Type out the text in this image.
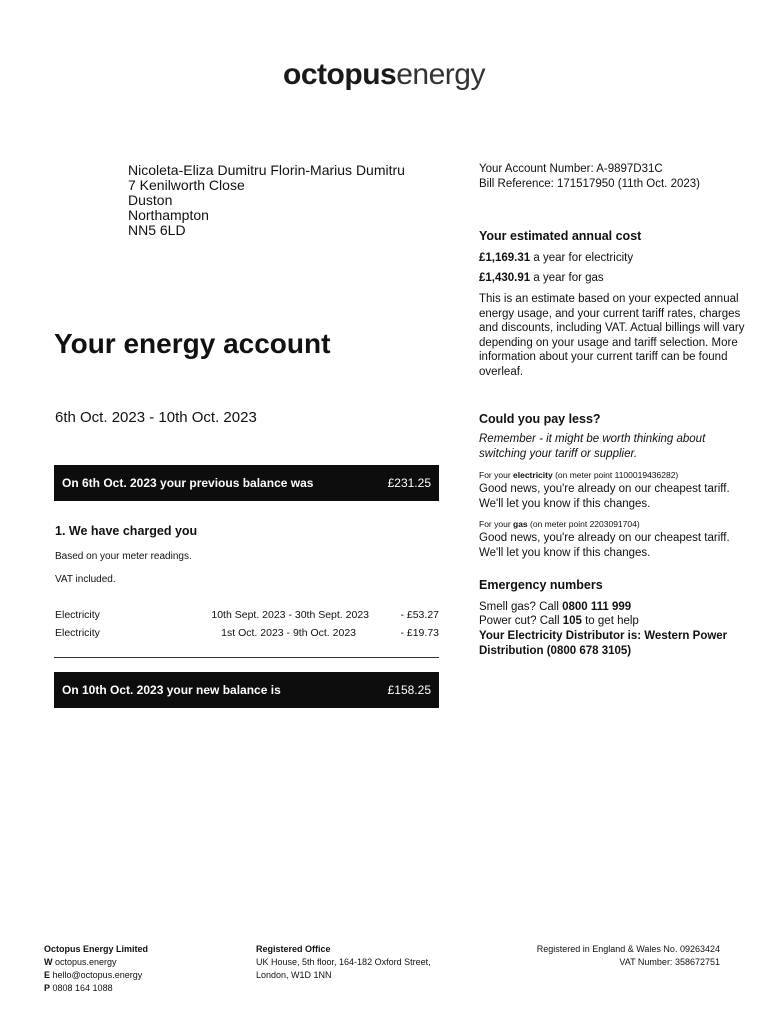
octopusenergy
Nicoleta-Eliza Dumitru Florin-Marius Dumitru
7 Kenilworth Close
Duston
Northampton
NN5 6LD
Your Account Number: A-9897D31C
Bill Reference: 171517950 (11th Oct. 2023)
Your energy account
6th Oct. 2023 - 10th Oct. 2023
On 6th Oct. 2023 your previous balance was	£231.25
1. We have charged you
Based on your meter readings.
VAT included.
Electricity	10th Sept. 2023 - 30th Sept. 2023	- £53.27
Electricity	1st Oct. 2023 - 9th Oct. 2023	- £19.73
On 10th Oct. 2023 your new balance is	£158.25
Your estimated annual cost
£1,169.31 a year for electricity
£1,430.91 a year for gas
This is an estimate based on your expected annual energy usage, and your current tariff rates, charges and discounts, including VAT. Actual billings will vary depending on your usage and tariff selection. More information about your current tariff can be found overleaf.
Could you pay less?
Remember - it might be worth thinking about switching your tariff or supplier.
For your electricity (on meter point 1100019436282)
Good news, you're already on our cheapest tariff. We'll let you know if this changes.
For your gas (on meter point 2203091704)
Good news, you're already on our cheapest tariff. We'll let you know if this changes.
Emergency numbers
Smell gas? Call 0800 111 999
Power cut? Call 105 to get help
Your Electricity Distributor is: Western Power Distribution (0800 678 3105)
Octopus Energy Limited
W octopus.energy
E hello@octopus.energy
P 0808 164 1088
Registered Office
UK House, 5th floor, 164-182 Oxford Street,
London, W1D 1NN
Registered in England & Wales No. 09263424
VAT Number: 358672751
